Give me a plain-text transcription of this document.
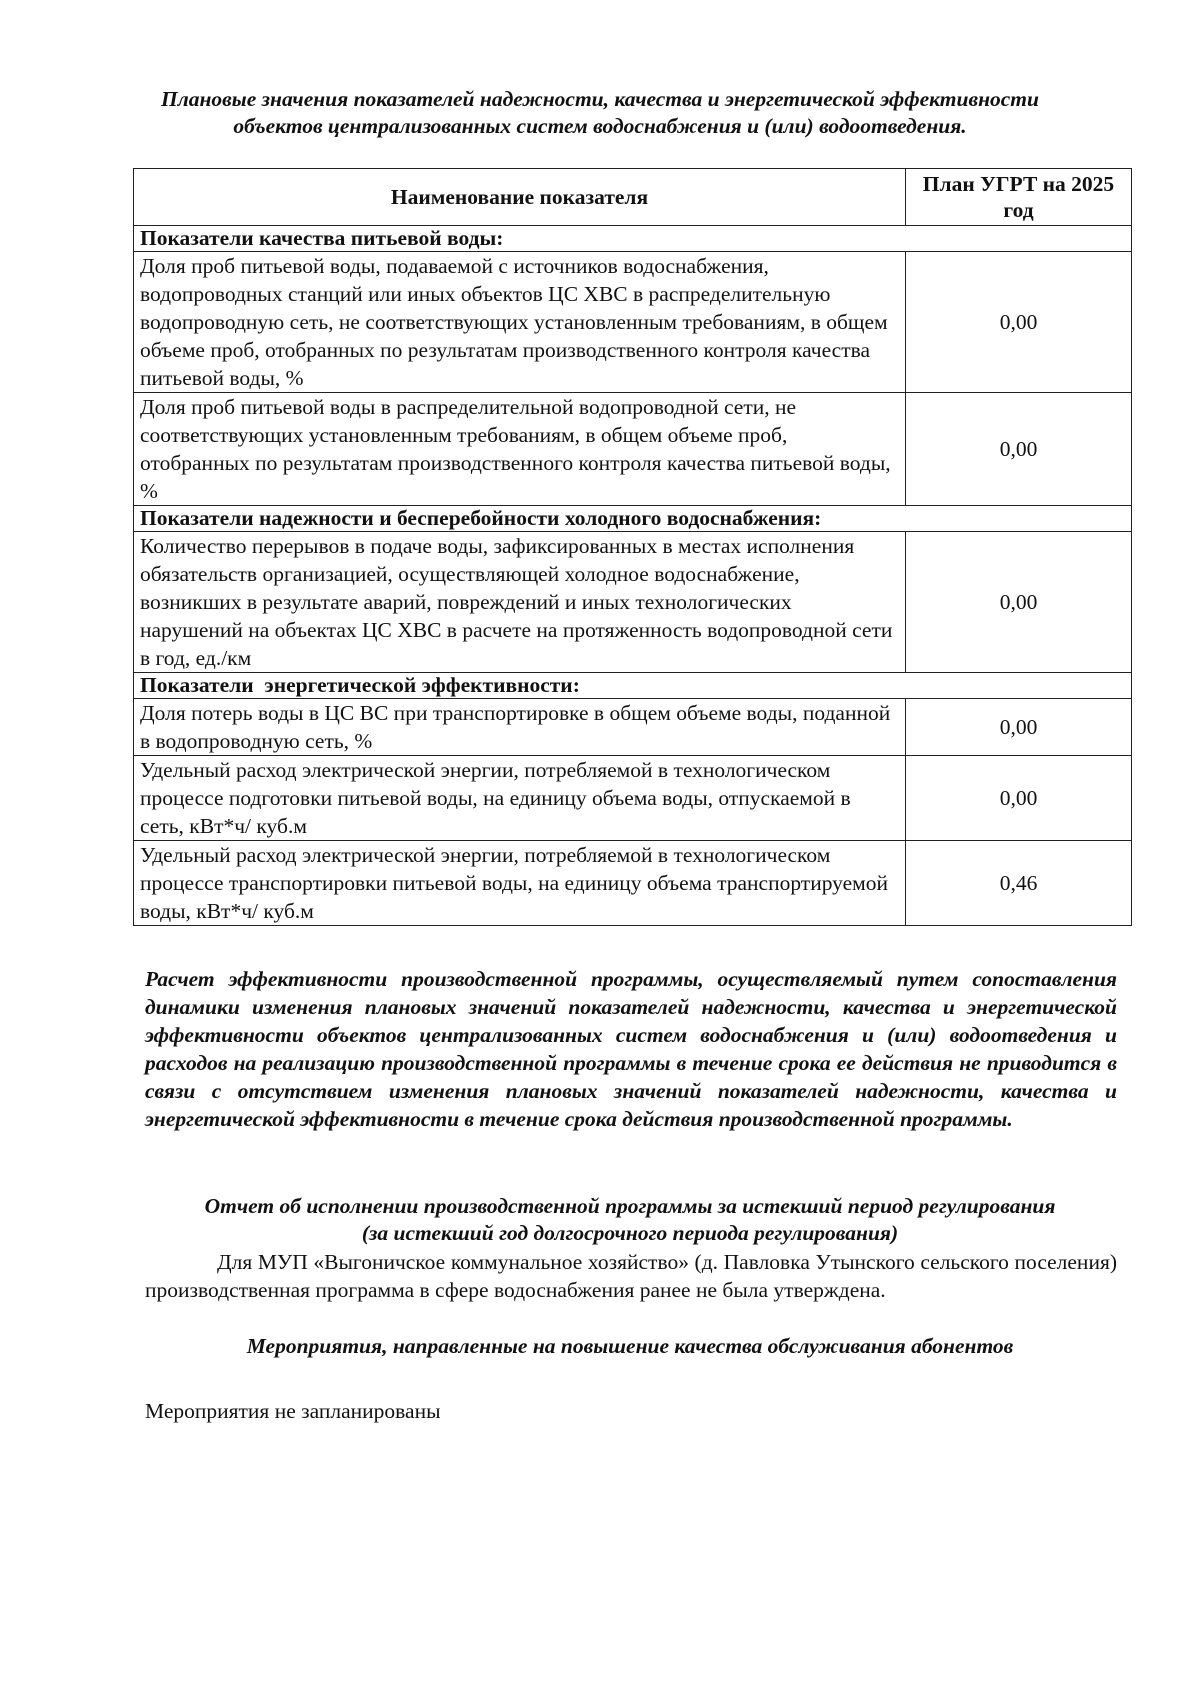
Плановые значения показателей надежности, качества и энергетической эффективности объектов централизованных систем водоснабжения и (или) водоотведения.
Наименование показателя	План УГРТ на 2025 год
Показатели качества питьевой воды:	
Доля проб питьевой воды, подаваемой с источников водоснабжения, водопроводных станций или иных объектов ЦС ХВС в распределительную водопроводную сеть, не соответствующих установленным требованиям, в общем объеме проб, отобранных по результатам производственного контроля качества питьевой воды, %	0,00
Доля проб питьевой воды в распределительной водопроводной сети, не соответствующих установленным требованиям, в общем объеме проб, отобранных по результатам производственного контроля качества питьевой воды, %	0,00
Показатели надежности и бесперебойности холодного водоснабжения:	
Количество перерывов в подаче воды, зафиксированных в местах исполнения обязательств организацией, осуществляющей холодное водоснабжение, возникших в результате аварий, повреждений и иных технологических нарушений на объектах ЦС ХВС в расчете на протяженность водопроводной сети в год, ед./км	0,00
Показатели  энергетической эффективности:	
Доля потерь воды в ЦС ВС при транспортировке в общем объеме воды, поданной в водопроводную сеть, %	0,00
Удельный расход электрической энергии, потребляемой в технологическом процессе подготовки питьевой воды, на единицу объема воды, отпускаемой в сеть, кВт*ч/ куб.м	0,00
Удельный расход электрической энергии, потребляемой в технологическом процессе транспортировки питьевой воды, на единицу объема транспортируемой воды, кВт*ч/ куб.м	0,46

Расчет эффективности производственной программы, осуществляемый путем сопоставления динамики изменения плановых значений показателей надежности, качества и энергетической эффективности объектов централизованных систем водоснабжения и (или) водоотведения и расходов на реализацию производственной программы в течение срока ее действия не приводится в связи с отсутствием изменения плановых значений показателей надежности, качества и энергетической эффективности в течение срока действия производственной программы.

Отчет об исполнении производственной программы за истекший период регулирования
(за истекший год долгосрочного периода регулирования)

Для МУП «Выгоничское коммунальное хозяйство» (д. Павловка Утынского сельского поселения) производственная программа в сфере водоснабжения ранее не была утверждена.

Мероприятия, направленные на повышение качества обслуживания абонентов

Мероприятия не запланированы
